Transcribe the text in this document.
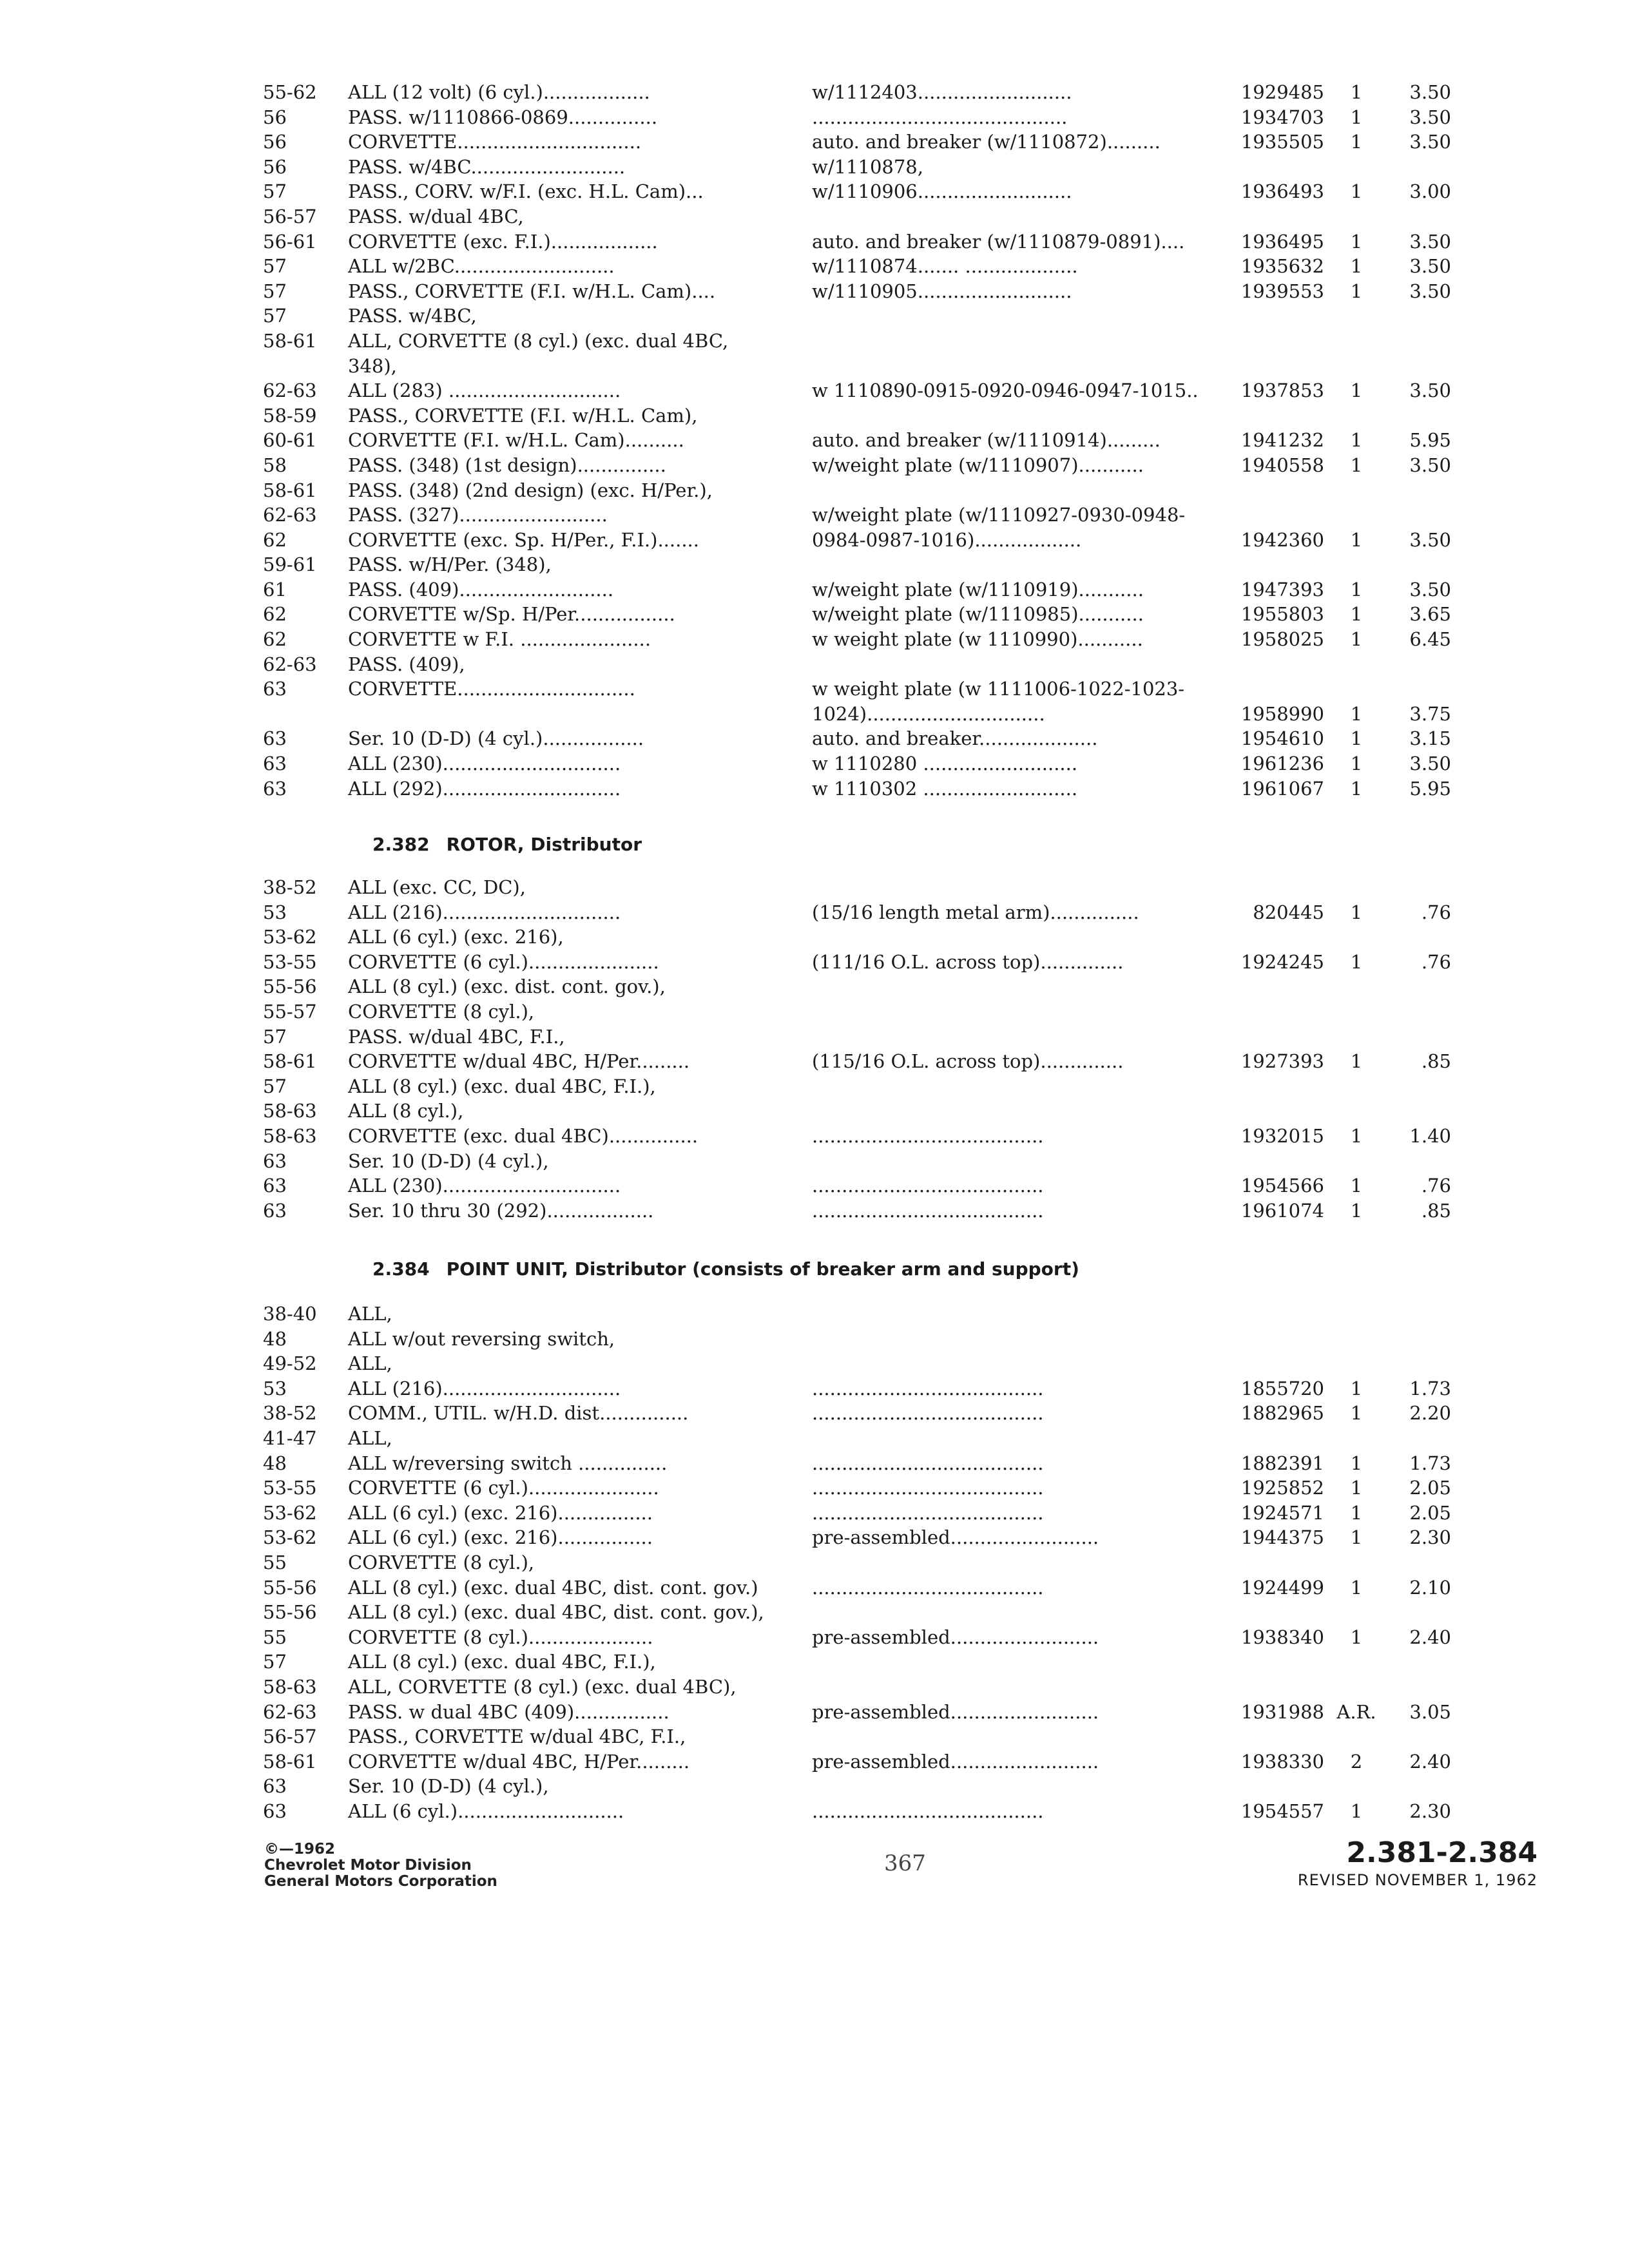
55-62 ALL (12 volt) (6 cyl.)..................	w/1112403..........................	1929485	1	3.50
56	PASS. w/1110866-0869...............	...........................................	1934703	1	3.50
56	CORVETTE...............................	auto. and breaker (w/1110872).........	1935505	1	3.50
56	PASS. w/4BC..........................	w/1110878,
57	PASS., CORV. w/F.I. (exc. H.L. Cam)...	w/1110906..........................	1936493	1	3.00
56-57 PASS. w/dual 4BC,
56-61 CORVETTE (exc. F.I.)..................	auto. and breaker (w/1110879-0891)....	1936495	1	3.50
57	ALL w/2BC...........................	w/1110874....... ...................	1935632	1	3.50
57	PASS., CORVETTE (F.I. w/H.L. Cam)....	w/1110905..........................	1939553	1	3.50
57	PASS. w/4BC,
58-61 ALL, CORVETTE (8 cyl.) (exc. dual 4BC,
348),
62-63 ALL (283) .............................	w 1110890-0915-0920-0946-0947-1015..	1937853	1	3.50
58-59 PASS., CORVETTE (F.I. w/H.L. Cam),
60-61 CORVETTE (F.I. w/H.L. Cam)..........	auto. and breaker (w/1110914).........	1941232	1	5.95
58	PASS. (348) (1st design)...............	w/weight plate (w/1110907)...........	1940558	1	3.50
58-61 PASS. (348) (2nd design) (exc. H/Per.),
62-63 PASS. (327).........................	w/weight plate (w/1110927-0930-0948-
62	CORVETTE (exc. Sp. H/Per., F.I.).......	0984-0987-1016)..................	1942360	1	3.50
59-61 PASS. w/H/Per. (348),
61	PASS. (409)..........................	w/weight plate (w/1110919)...........	1947393	1	3.50
62	CORVETTE w/Sp. H/Per.................	w/weight plate (w/1110985)...........	1955803	1	3.65
62	CORVETTE w F.I. ......................	w weight plate (w 1110990)...........	1958025	1	6.45
62-63 PASS. (409),
63	CORVETTE..............................	w weight plate (w 1111006-1022-1023-
1024)..............................	1958990	1	3.75
63	Ser. 10 (D-D) (4 cyl.).................	auto. and breaker....................	1954610	1	3.15
63	ALL (230)..............................	w 1110280 ..........................	1961236	1	3.50
63	ALL (292)..............................	w 1110302 ..........................	1961067	1	5.95
2.382 ROTOR, Distributor
38-52 ALL (exc. CC, DC),
53	ALL (216)..............................	(15/16 length metal arm)...............	820445	1	.76
53-62 ALL (6 cyl.) (exc. 216),
53-55 CORVETTE (6 cyl.)......................	(111/16 O.L. across top)..............	1924245	1	.76
55-56 ALL (8 cyl.) (exc. dist. cont. gov.),
55-57 CORVETTE (8 cyl.),
57	PASS. w/dual 4BC, F.I.,
58-61 CORVETTE w/dual 4BC, H/Per.........	(115/16 O.L. across top)..............	1927393	1	.85
57	ALL (8 cyl.) (exc. dual 4BC, F.I.),
58-63 ALL (8 cyl.),
58-63 CORVETTE (exc. dual 4BC)...............	.......................................	1932015	1	1.40
63	Ser. 10 (D-D) (4 cyl.),
63	ALL (230)..............................	.......................................	1954566	1	.76
63	Ser. 10 thru 30 (292)..................	.......................................	1961074	1	.85
2.384 POINT UNIT, Distributor (consists of breaker arm and support)
38-40 ALL,
48	ALL w/out reversing switch,
49-52 ALL,
53	ALL (216)..............................	.......................................	1855720	1	1.73
38-52 COMM., UTIL. w/H.D. dist...............	.......................................	1882965	1	2.20
41-47 ALL,
48	ALL w/reversing switch ...............	.......................................	1882391	1	1.73
53-55 CORVETTE (6 cyl.)......................	.......................................	1925852	1	2.05
53-62 ALL (6 cyl.) (exc. 216)................	.......................................	1924571	1	2.05
53-62 ALL (6 cyl.) (exc. 216)................	pre-assembled.........................	1944375	1	2.30
55	CORVETTE (8 cyl.),
55-56 ALL (8 cyl.) (exc. dual 4BC, dist. cont. gov.)	.......................................	1924499	1	2.10
55-56 ALL (8 cyl.) (exc. dual 4BC, dist. cont. gov.),
55	CORVETTE (8 cyl.).....................	pre-assembled.........................	1938340	1	2.40
57	ALL (8 cyl.) (exc. dual 4BC, F.I.),
58-63 ALL, CORVETTE (8 cyl.) (exc. dual 4BC),
62-63 PASS. w dual 4BC (409)................	pre-assembled.........................	1931988 A.R.	3.05
56-57 PASS., CORVETTE w/dual 4BC, F.I.,
58-61 CORVETTE w/dual 4BC, H/Per.........	pre-assembled.........................	1938330	2	2.40
63	Ser. 10 (D-D) (4 cyl.),
63	ALL (6 cyl.)............................	.......................................	1954557	1	2.30
©—1962
Chevrolet Motor Division
General Motors Corporation
367	2.381-2.384
REVISED NOVEMBER 1, 1962
